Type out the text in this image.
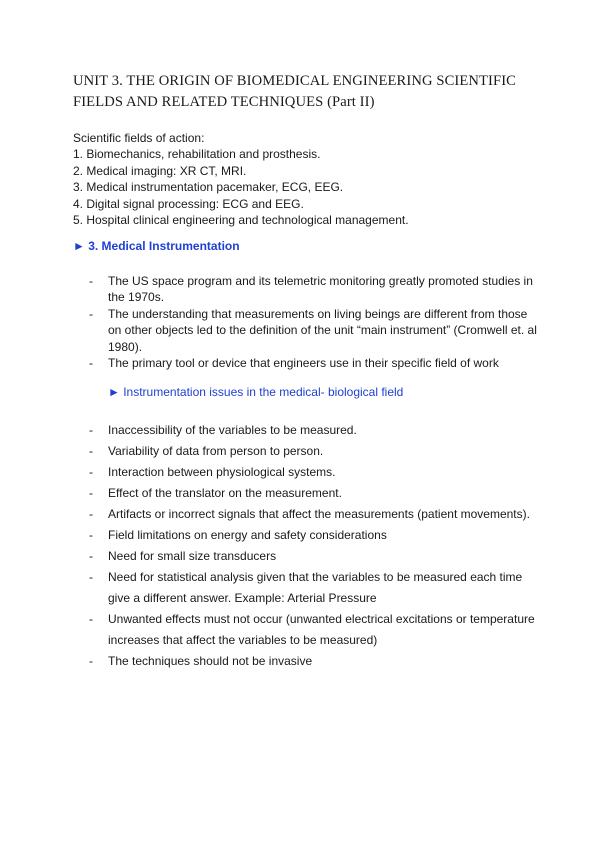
UNIT 3. THE ORIGIN OF BIOMEDICAL ENGINEERING SCIENTIFIC
FIELDS AND RELATED TECHNIQUES (Part II)
Scientific fields of action:
1. Biomechanics, rehabilitation and prosthesis.
2. Medical imaging: XR CT, MRI.
3. Medical instrumentation pacemaker, ECG, EEG.
4. Digital signal processing: ECG and EEG.
5. Hospital clinical engineering and technological management.
► 3. Medical Instrumentation
- The US space program and its telemetric monitoring greatly promoted studies in the 1970s.
- The understanding that measurements on living beings are different from those on other objects led to the definition of the unit “main instrument” (Cromwell et. al 1980).
- The primary tool or device that engineers use in their specific field of work
► Instrumentation issues in the medical- biological field
- Inaccessibility of the variables to be measured.
- Variability of data from person to person.
- Interaction between physiological systems.
- Effect of the translator on the measurement.
- Artifacts or incorrect signals that affect the measurements (patient movements).
- Field limitations on energy and safety considerations
- Need for small size transducers
- Need for statistical analysis given that the variables to be measured each time give a different answer. Example: Arterial Pressure
- Unwanted effects must not occur (unwanted electrical excitations or temperature increases that affect the variables to be measured)
- The techniques should not be invasive
